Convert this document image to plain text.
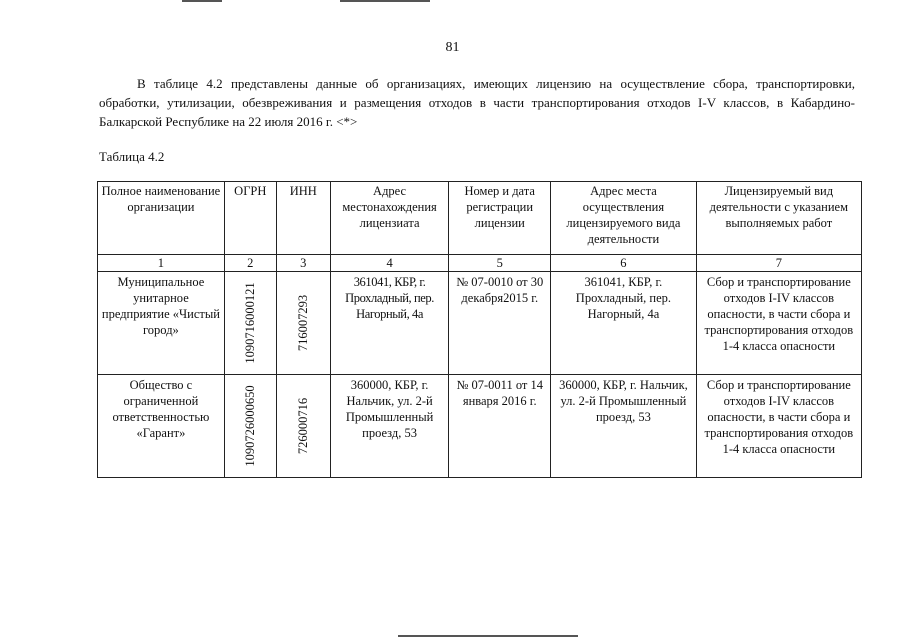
81

В таблице 4.2 представлены данные об организациях, имеющих лицензию на осуществление сбора, транспортировки, обработки, утилизации, обезвреживания и размещения отходов в части транспортирования отходов I-V классов, в Кабардино-Балкарской Республике на 22 июля 2016 г. <*>

Таблица 4.2
Полное наименование организации	ОГРН	ИНН	Адрес местонахождения лицензиата	Номер и дата регистрации лицензии	Адрес места осуществления лицензируемого вида деятельности	Лицензируемый вид деятельности с указанием выполняемых работ
1	2	3	4	5	6	7
Муниципальное унитарное предприятие «Чистый город»	1090716000121	716007293	361041, КБР, г. Прохладный, пер. Нагорный, 4а	№ 07-0010 от 30 декабря2015 г.	361041, КБР, г. Прохладный, пер. Нагорный, 4а	Сбор и транспортирование отходов I-IV классов опасности, в части сбора и транспортирования отходов 1-4 класса опасности
Общество с ограниченной ответственностью «Гарант»	1090726000650	726000716	360000, КБР, г. Нальчик, ул. 2-й Промышленный проезд, 53	№ 07-0011 от 14 января 2016 г.	360000, КБР, г. Нальчик, ул. 2-й Промышленный проезд, 53	Сбор и транспортирование отходов I-IV классов опасности, в части сбора и транспортирования отходов 1-4 класса опасности
